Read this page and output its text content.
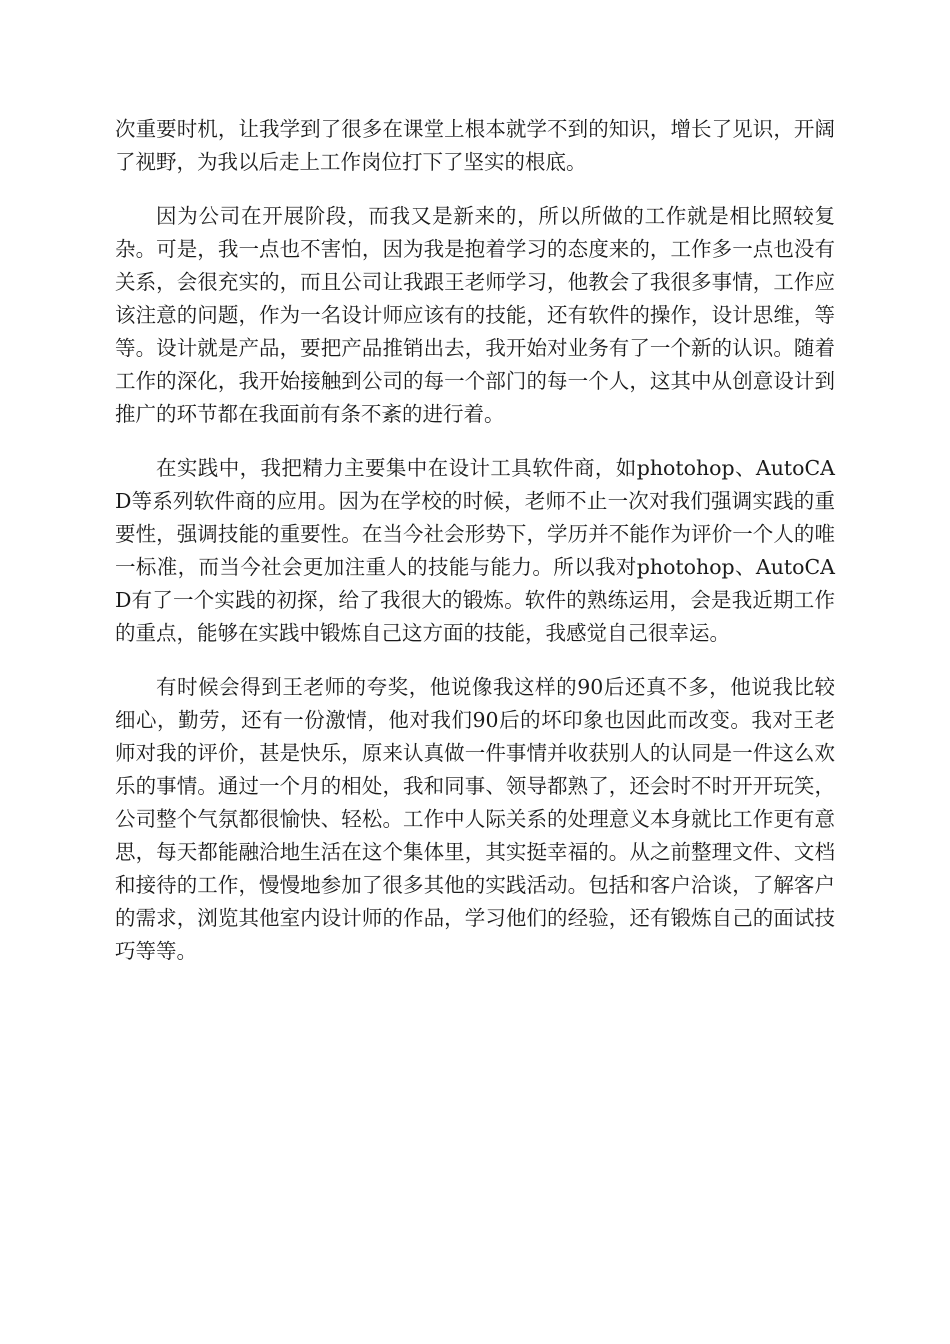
次重要时机，让我学到了很多在课堂上根本就学不到的知识，增长了见识，开阔了视野，为我以后走上工作岗位打下了坚实的根底。

因为公司在开展阶段，而我又是新来的，所以所做的工作就是相比照较复杂。可是，我一点也不害怕，因为我是抱着学习的态度来的，工作多一点也没有关系，会很充实的，而且公司让我跟王老师学习，他教会了我很多事情，工作应该注意的问题，作为一名设计师应该有的技能，还有软件的操作，设计思维，等等。设计就是产品，要把产品推销出去，我开始对业务有了一个新的认识。随着工作的深化，我开始接触到公司的每一个部门的每一个人，这其中从创意设计到推广的环节都在我面前有条不紊的进行着。

在实践中，我把精力主要集中在设计工具软件商，如photohop、AutoCAD等系列软件商的应用。因为在学校的时候，老师不止一次对我们强调实践的重要性，强调技能的重要性。在当今社会形势下，学历并不能作为评价一个人的唯一标准，而当今社会更加注重人的技能与能力。所以我对photohop、AutoCAD有了一个实践的初探，给了我很大的锻炼。软件的熟练运用，会是我近期工作的重点，能够在实践中锻炼自己这方面的技能，我感觉自己很幸运。

有时候会得到王老师的夸奖，他说像我这样的90后还真不多，他说我比较细心，勤劳，还有一份激情，他对我们90后的坏印象也因此而改变。我对王老师对我的评价，甚是快乐，原来认真做一件事情并收获别人的认同是一件这么欢乐的事情。通过一个月的相处，我和同事、领导都熟了，还会时不时开开玩笑，公司整个气氛都很愉快、轻松。工作中人际关系的处理意义本身就比工作更有意思，每天都能融洽地生活在这个集体里，其实挺幸福的。从之前整理文件、文档和接待的工作，慢慢地参加了很多其他的实践活动。包括和客户洽谈，了解客户的需求，浏览其他室内设计师的作品，学习他们的经验，还有锻炼自己的面试技巧等等。
